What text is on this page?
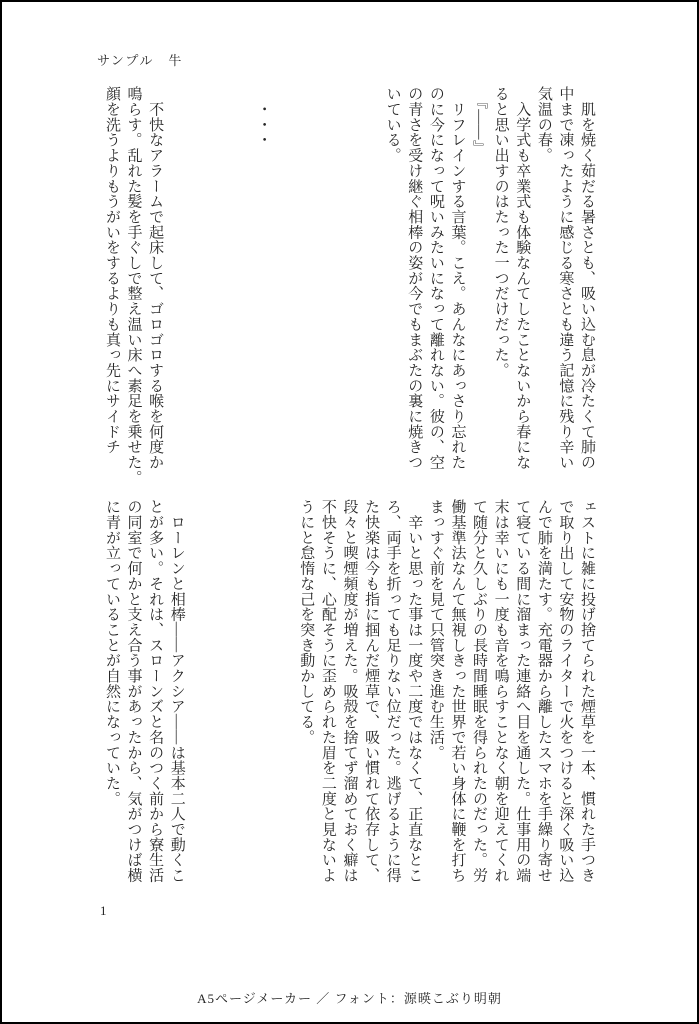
サンプル　牛
　肌を焼く茹だる暑さとも、吸い込む息が冷たくて肺の
中まで凍ったように感じる寒さとも違う記憶に残り辛い
気温の春。
　入学式も卒業式も体験なんてしたことないから春にな
ると思い出すのはたった一つだけだった。
　『――』
　リフレインする言葉。こえ。あんなにあっさり忘れた
のに今になって呪いみたいになって離れない。彼の、空
の青さを受け継ぐ相棒の姿が今でもまぶたの裏に焼きつ
いている。

　・・・

　不快なアラームで起床して、ゴロゴロする喉を何度か
鳴らす。乱れた髪を手ぐしで整え温い床へ素足を乗せた。
顔を洗うよりもうがいをするよりも真っ先にサイドチ
ェストに雑に投げ捨てられた煙草を一本、慣れた手つき
で取り出して安物のライターで火をつけると深く吸い込
んで肺を満たす。充電器から離したスマホを手繰り寄せ
て寝ている間に溜まった連絡へ目を通した。仕事用の端
末は幸いにも一度も音を鳴らすことなく朝を迎えてくれ
て随分と久しぶりの長時間睡眠を得られたのだった。労
働基準法なんて無視しきった世界で若い身体に鞭を打ち
まっすぐ前を見て只管突き進む生活。
　辛いと思った事は一度や二度ではなくて、正直なとこ
ろ、両手を折っても足りない位だった。逃げるように得
た快楽は今も指に掴んだ煙草で、吸い慣れて依存して、
段々と喫煙頻度が増えた。吸殻を捨てず溜めておく癖は
不快そうに、心配そうに歪められた眉を二度と見ないよ
うにと怠惰な己を突き動かしてる。

　ローレンと相棒――アクシア――は基本二人で動くこ
とが多い。それは、スローンズと名のつく前から寮生活
の同室で何かと支え合う事があったから、気がつけば横
に青が立っていることが自然になっていた。
1
A5ページメーカー ／ フォント：源暎こぶり明朝
